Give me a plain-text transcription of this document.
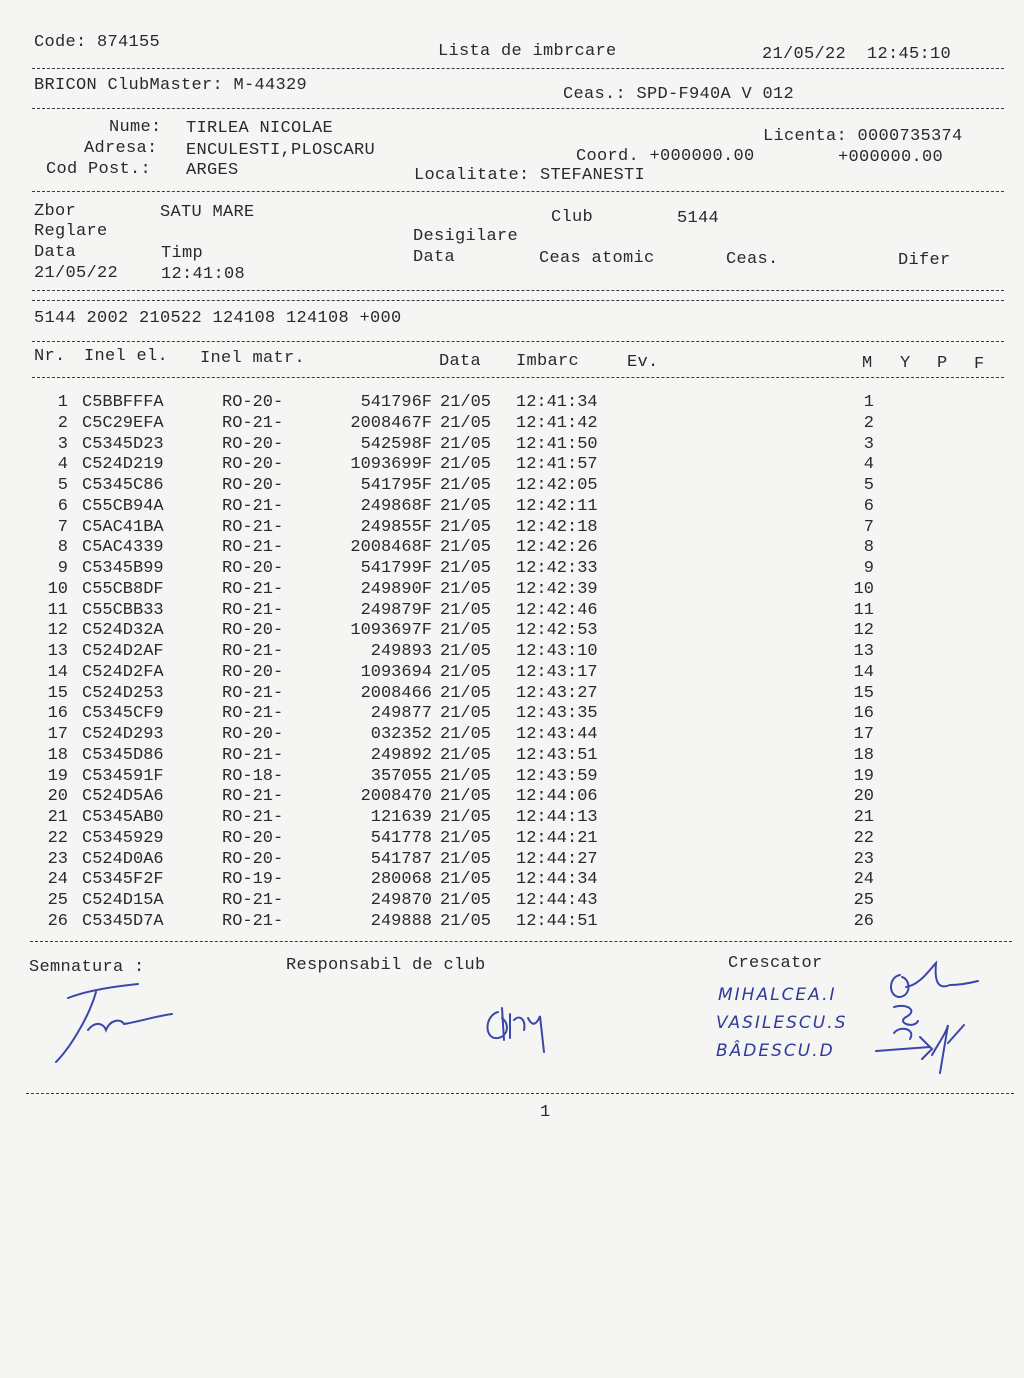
Code: 874155	Lista de imbrcare	21/05/22  12:45:10
BRICON ClubMaster: M-44329	Ceas.: SPD-F940A V 012
Nume: TIRLEA NICOLAE
Adresa: ENCULESTI,PLOSCARU
Cod Post.: ARGES
Licenta: 0000735374
Coord. +000000.00	+000000.00
Localitate: STEFANESTI
Zbor	SATU MARE	Club	5144
Reglare	Desigilare
Data	Timp	Data	Ceas atomic	Ceas.	Difer
21/05/22	12:41:08
5144 2002 210522 124108 124108 +000
Nr. Inel el. Inel matr.	Data Imbarc	Ev.	M Y P F
1 C5BBFFFA	RO-20-	541796F 21/05 12:41:34	1
2 C5C29EFA	RO-21-	2008467F 21/05 12:41:42	2
3 C5345D23	RO-20-	542598F 21/05 12:41:50	3
4 C524D219	RO-20-	1093699F 21/05 12:41:57	4
5 C5345C86	RO-20-	541795F 21/05 12:42:05	5
6 C55CB94A	RO-21-	249868F 21/05 12:42:11	6
7 C5AC41BA	RO-21-	249855F 21/05 12:42:18	7
8 C5AC4339	RO-21-	2008468F 21/05 12:42:26	8
9 C5345B99	RO-20-	541799F 21/05 12:42:33	9
10 C55CB8DF	RO-21-	249890F 21/05 12:42:39	10
11 C55CBB33	RO-21-	249879F 21/05 12:42:46	11
12 C524D32A	RO-20-	1093697F 21/05 12:42:53	12
13 C524D2AF	RO-21-	249893 21/05 12:43:10	13
14 C524D2FA	RO-20-	1093694 21/05 12:43:17	14
15 C524D253	RO-21-	2008466 21/05 12:43:27	15
16 C5345CF9	RO-21-	249877 21/05 12:43:35	16
17 C524D293	RO-20-	032352 21/05 12:43:44	17
18 C5345D86	RO-21-	249892 21/05 12:43:51	18
19 C534591F	RO-18-	357055 21/05 12:43:59	19
20 C524D5A6	RO-21-	2008470 21/05 12:44:06	20
21 C5345AB0	RO-21-	121639 21/05 12:44:13	21
22 C5345929	RO-20-	541778 21/05 12:44:21	22
23 C524D0A6	RO-20-	541787 21/05 12:44:27	23
24 C5345F2F	RO-19-	280068 21/05 12:44:34	24
25 C524D15A	RO-21-	249870 21/05 12:44:43	25
26 C5345D7A	RO-21-	249888 21/05 12:44:51	26
Semnatura :	Responsabil de club	Crescator
MIHALCEA.I
VASILESCU.S
BÂDESCU.D
1
